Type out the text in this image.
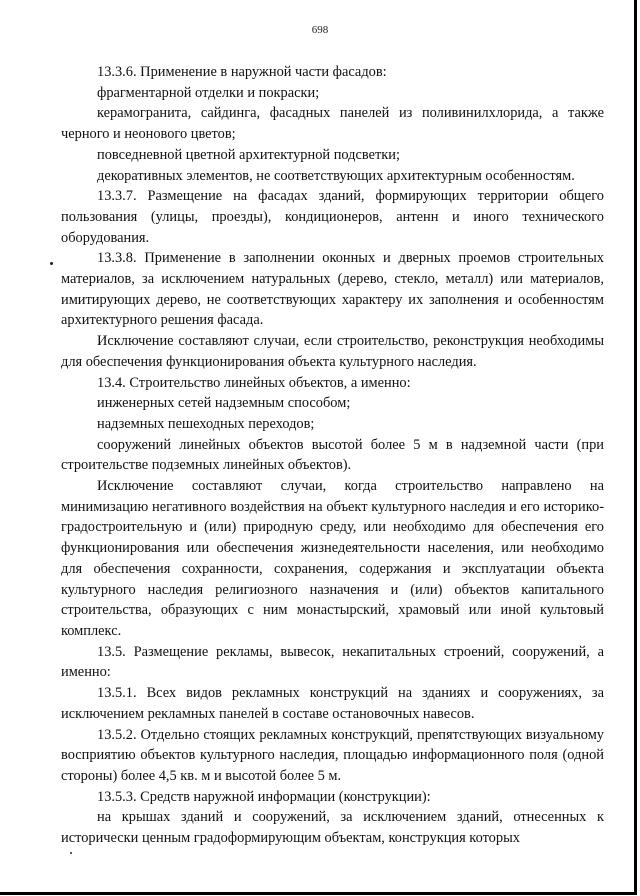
698

13.3.6. Применение в наружной части фасадов:

фрагментарной отделки и покраски;

керамогранита, сайдинга, фасадных панелей из поливинилхлорида, а также черного и неонового цветов;

повседневной цветной архитектурной подсветки;

декоративных элементов, не соответствующих архитектурным особенностям.

13.3.7. Размещение на фасадах зданий, формирующих территории общего пользования (улицы, проезды), кондиционеров, антенн и иного технического оборудования.

13.3.8. Применение в заполнении оконных и дверных проемов строительных материалов, за исключением натуральных (дерево, стекло, металл) или материалов, имитирующих дерево, не соответствующих характеру их заполнения и особенностям архитектурного решения фасада.

Исключение составляют случаи, если строительство, реконструкция необходимы для обеспечения функционирования объекта культурного наследия.

13.4. Строительство линейных объектов, а именно:

инженерных сетей надземным способом;

надземных пешеходных переходов;

сооружений линейных объектов высотой более 5 м в надземной части (при строительстве подземных линейных объектов).

Исключение составляют случаи, когда строительство направлено на минимизацию негативного воздействия на объект культурного наследия и его историко-градостроительную и (или) природную среду, или необходимо для обеспечения его функционирования или обеспечения жизнедеятельности населения, или необходимо для обеспечения сохранности, сохранения, содержания и эксплуатации объекта культурного наследия религиозного назначения и (или) объектов капитального строительства, образующих с ним монастырский, храмовый или иной культовый комплекс.

13.5. Размещение рекламы, вывесок, некапитальных строений, сооружений, а именно:

13.5.1. Всех видов рекламных конструкций на зданиях и сооружениях, за исключением рекламных панелей в составе остановочных навесов.

13.5.2. Отдельно стоящих рекламных конструкций, препятствующих визуальному восприятию объектов культурного наследия, площадью информационного поля (одной стороны) более 4,5 кв. м и высотой более 5 м.

13.5.3. Средств наружной информации (конструкции):

на крышах зданий и сооружений, за исключением зданий, отнесенных к исторически ценным градоформирующим объектам, конструкция которых
